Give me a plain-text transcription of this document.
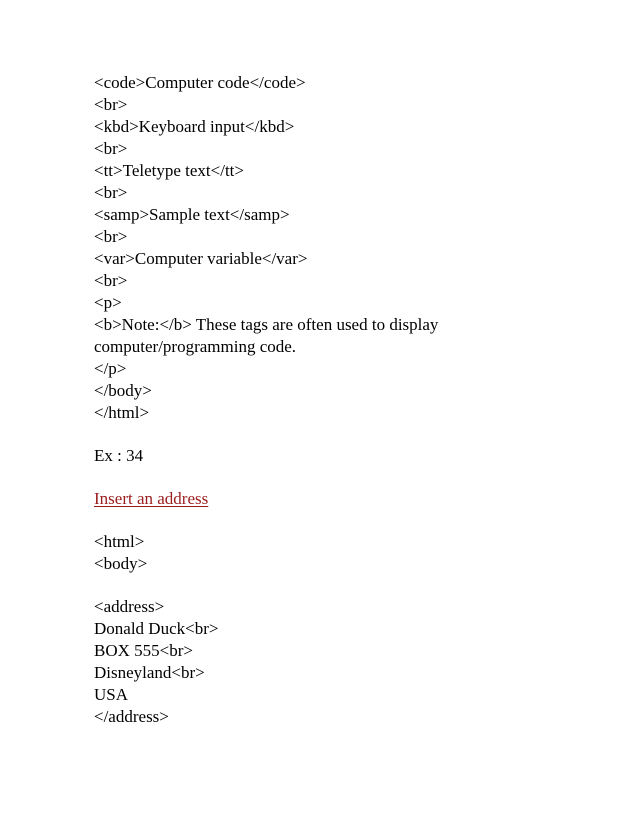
<code>Computer code</code>
<br>
<kbd>Keyboard input</kbd>
<br>
<tt>Teletype text</tt>
<br>
<samp>Sample text</samp>
<br>
<var>Computer variable</var>
<br>
<p>
<b>Note:</b> These tags are often used to display
computer/programming code.
</p>
</body>
</html>
Ex : 34
Insert an address
<html>
<body>
<address>
Donald Duck<br>
BOX 555<br>
Disneyland<br>
USA
</address>
